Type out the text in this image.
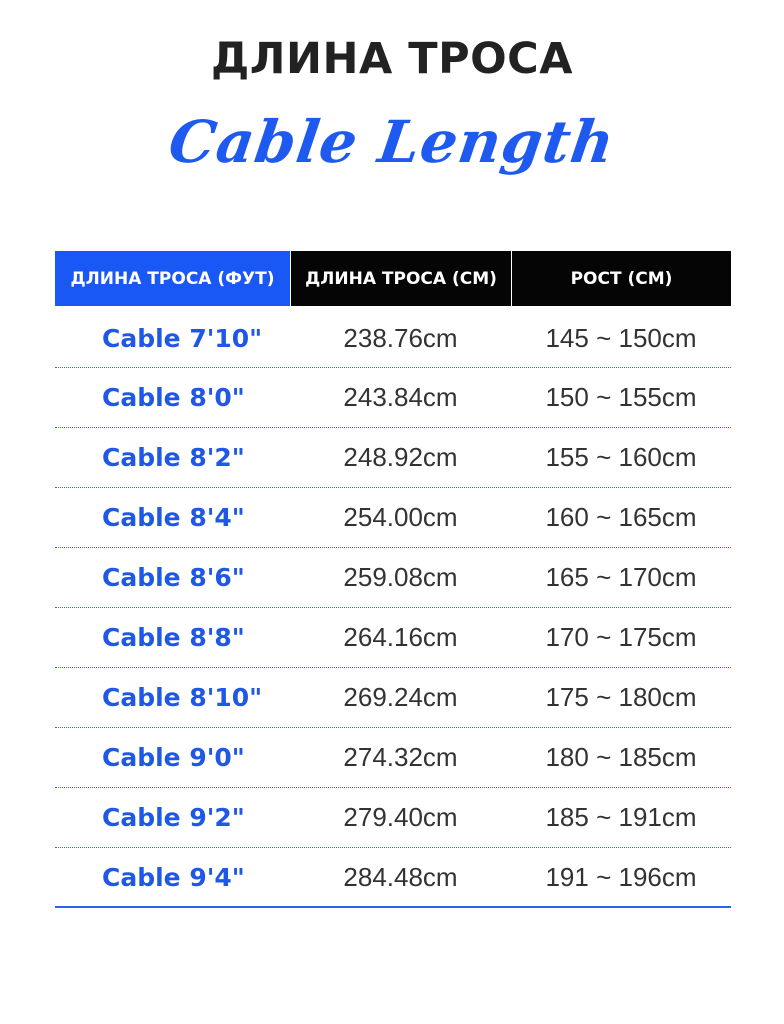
ДЛИНА ТРОСА
Cable Length
ДЛИНА ТРОСА (ФУТ)	ДЛИНА ТРОСА (СМ)	РОСТ (СМ)
Cable 7'10"	238.76cm	145 ~ 150cm
Cable 8'0"	243.84cm	150 ~ 155cm
Cable 8'2"	248.92cm	155 ~ 160cm
Cable 8'4"	254.00cm	160 ~ 165cm
Cable 8'6"	259.08cm	165 ~ 170cm
Cable 8'8"	264.16cm	170 ~ 175cm
Cable 8'10"	269.24cm	175 ~ 180cm
Cable 9'0"	274.32cm	180 ~ 185cm
Cable 9'2"	279.40cm	185 ~ 191cm
Cable 9'4"	284.48cm	191 ~ 196cm
